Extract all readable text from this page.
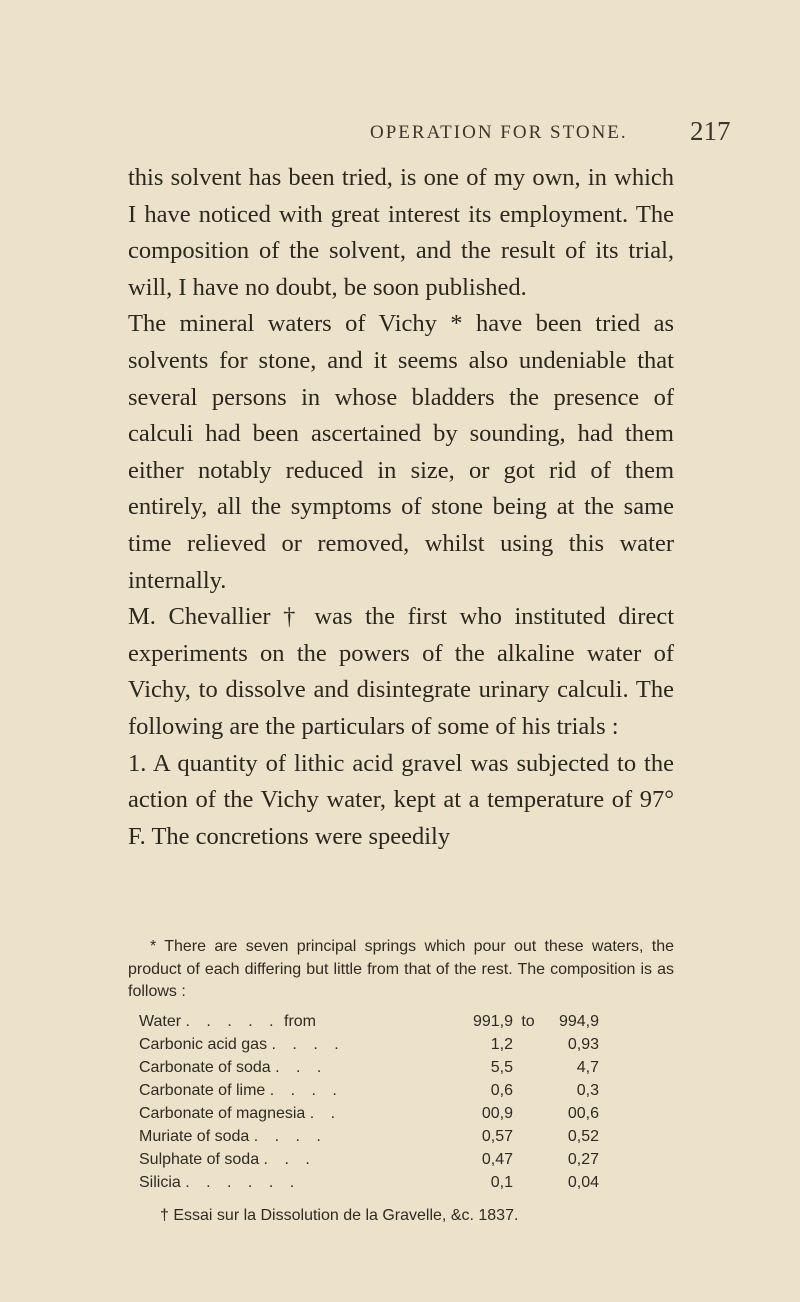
OPERATION FOR STONE. 217

this solvent has been tried, is one of my own, in which I have noticed with great interest its employment. The composition of the solvent, and the result of its trial, will, I have no doubt, be soon published.

The mineral waters of Vichy * have been tried as solvents for stone, and it seems also undeniable that several persons in whose bladders the presence of calculi had been ascertained by sounding, had them either notably reduced in size, or got rid of them entirely, all the symptoms of stone being at the same time relieved or removed, whilst using this water internally.

M. Chevallier † was the first who instituted direct experiments on the powers of the alkaline water of Vichy, to dissolve and disintegrate urinary calculi. The following are the particulars of some of his trials :

1. A quantity of lithic acid gravel was subjected to the action of the Vichy water, kept at a temperature of 97° F. The concretions were speedily

* There are seven principal springs which pour out these waters, the product of each differing but little from that of the rest. The composition is as follows :

Water . . . . . from	991,9	to	994,9
Carbonic acid gas . . . .	1,2		0,93
Carbonate of soda . . .	5,5		4,7
Carbonate of lime . . . .	0,6		0,3
Carbonate of magnesia . .	00,9		00,6
Muriate of soda . . . .	0,57		0,52
Sulphate of soda . . .	0,47		0,27
Silicia . . . . . .	0,1		0,04
† Essai sur la Dissolution de la Gravelle, &c. 1837.
